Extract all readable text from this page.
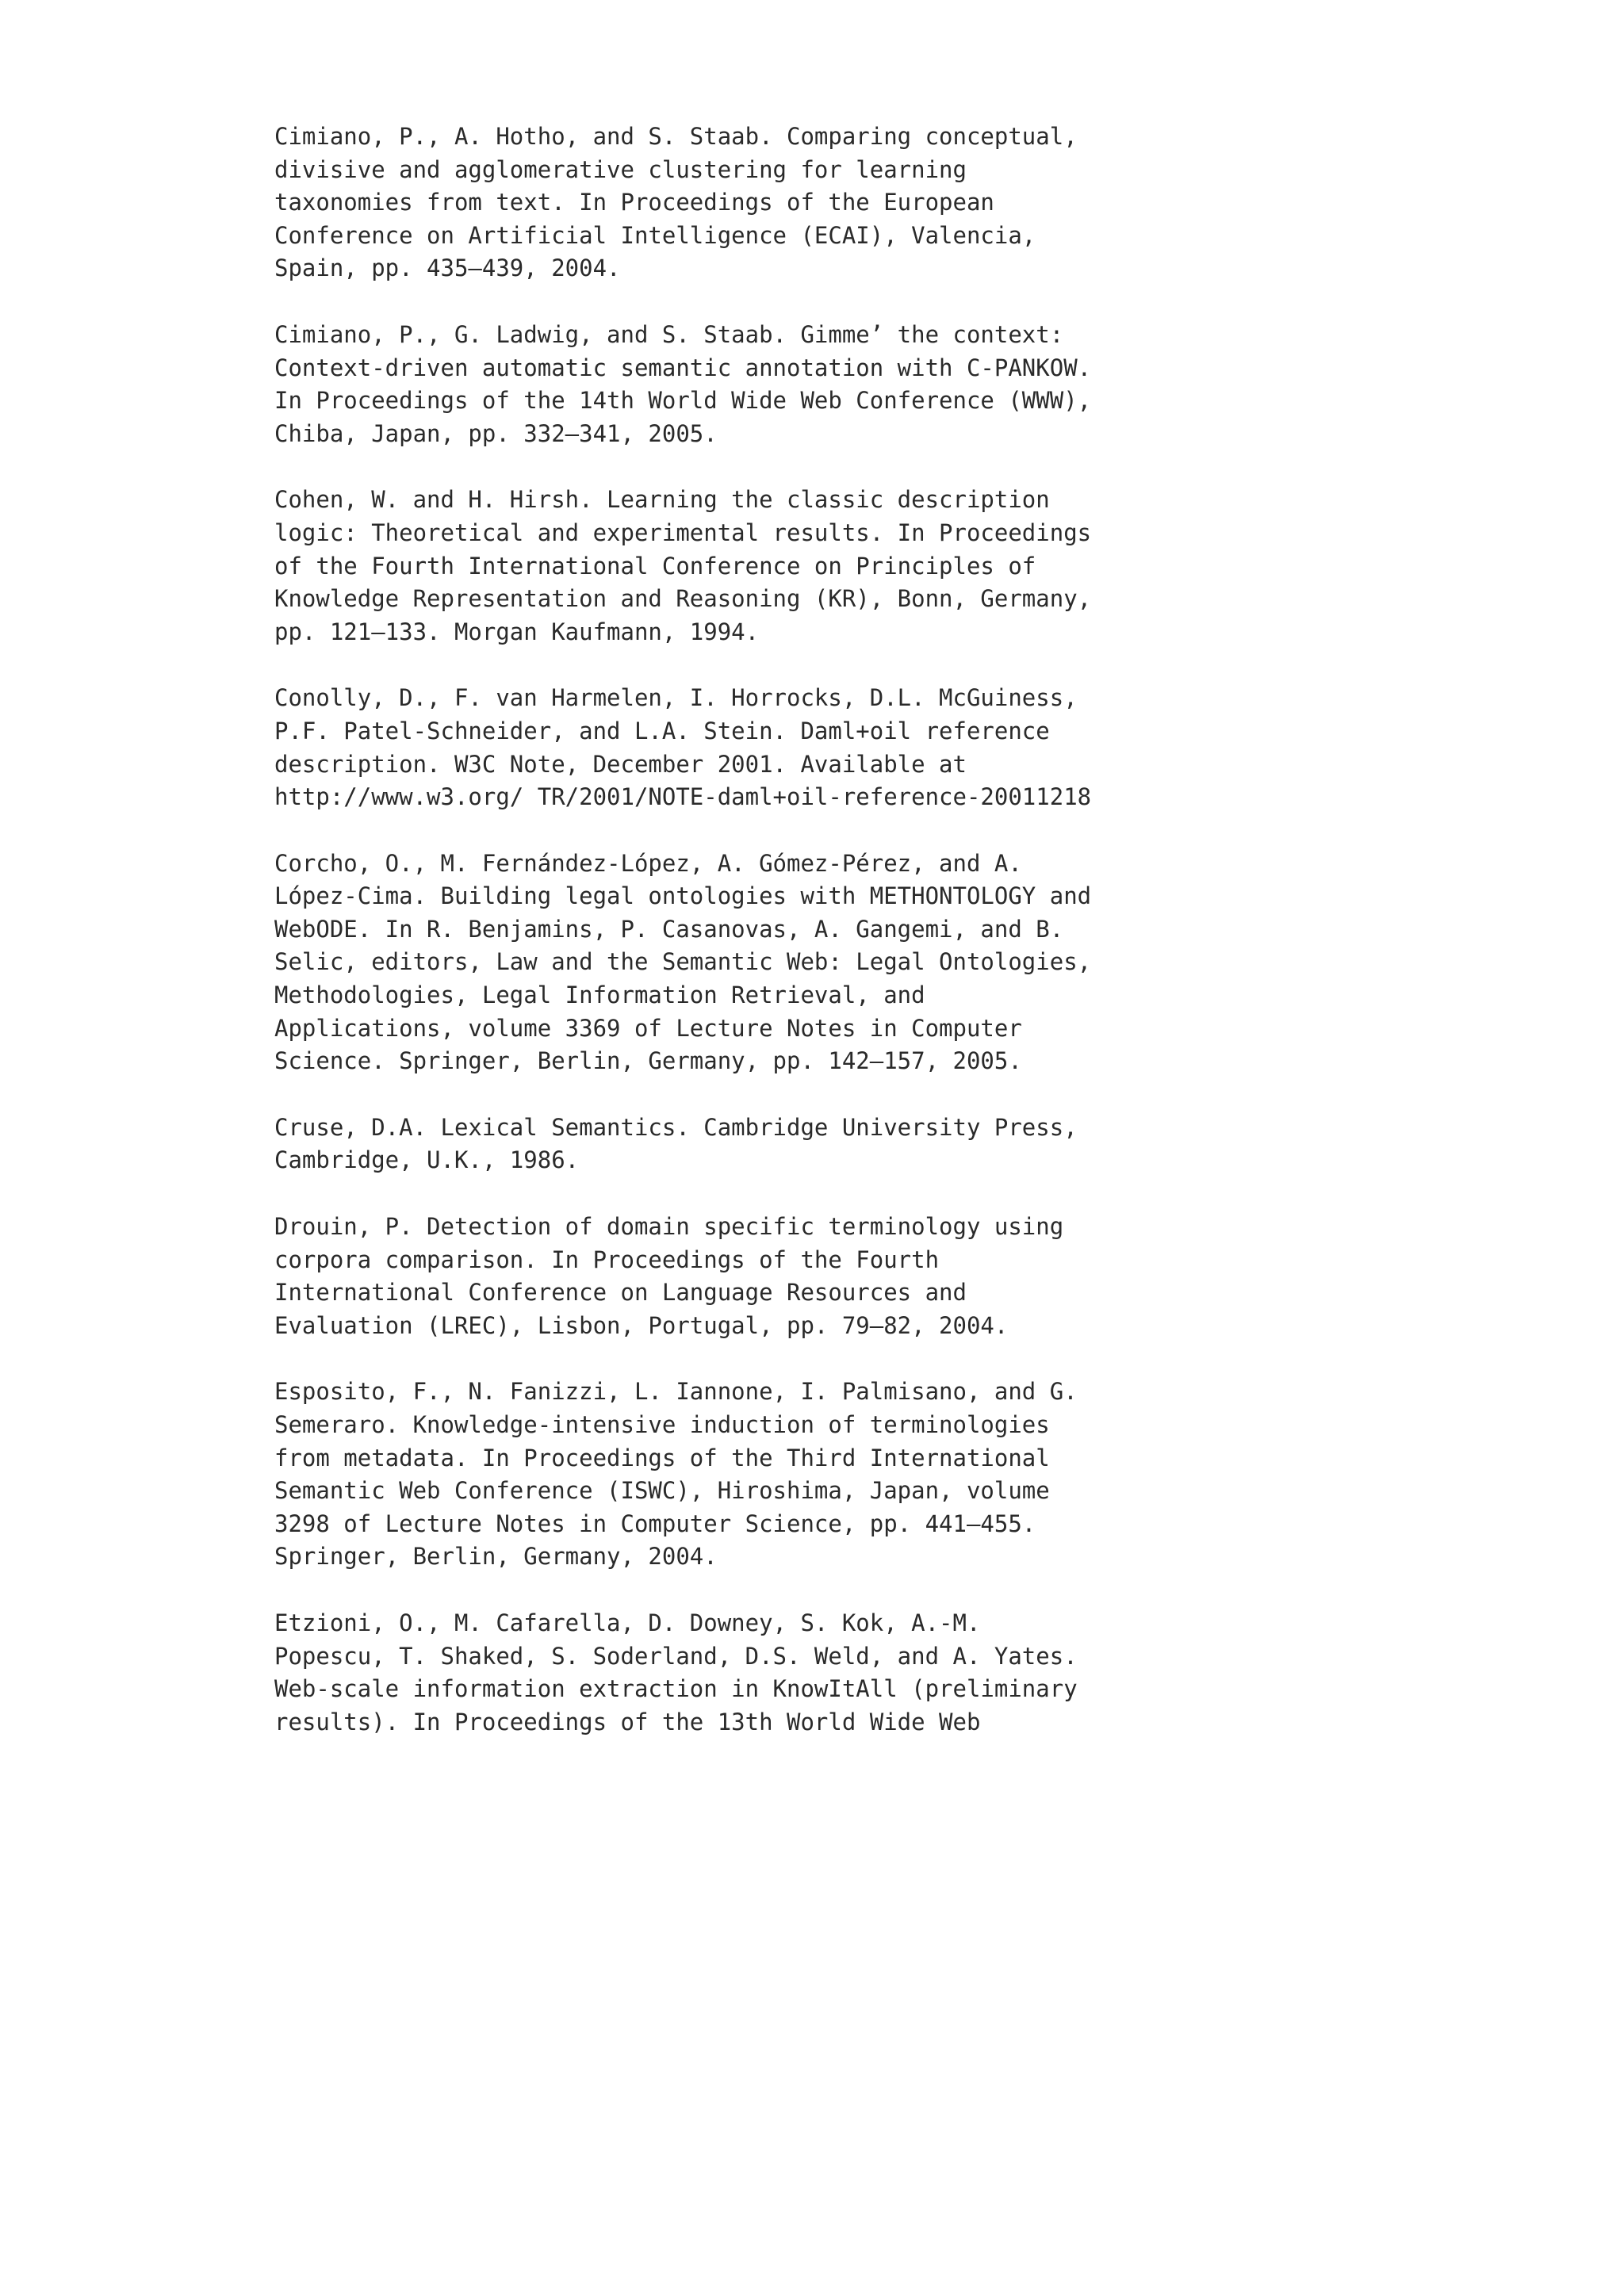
Cimiano, P., A. Hotho, and S. Staab. Comparing conceptual,
divisive and agglomerative clustering for learning
taxonomies from text. In Proceedings of the European
Conference on Artificial Intelligence (ECAI), Valencia,
Spain, pp. 435–439, 2004.
Cimiano, P., G. Ladwig, and S. Staab. Gimme’ the context:
Context-driven automatic semantic annotation with C-PANKOW.
In Proceedings of the 14th World Wide Web Conference (WWW),
Chiba, Japan, pp. 332–341, 2005.
Cohen, W. and H. Hirsh. Learning the classic description
logic: Theoretical and experimental results. In Proceedings
of the Fourth International Conference on Principles of
Knowledge Representation and Reasoning (KR), Bonn, Germany,
pp. 121–133. Morgan Kaufmann, 1994.
Conolly, D., F. van Harmelen, I. Horrocks, D.L. McGuiness,
P.F. Patel-Schneider, and L.A. Stein. Daml+oil reference
description. W3C Note, December 2001. Available at
http://www.w3.org/ TR/2001/NOTE-daml+oil-reference-20011218
Corcho, O., M. Fernández-López, A. Gómez-Pérez, and A.
López-Cima. Building legal ontologies with METHONTOLOGY and
WebODE. In R. Benjamins, P. Casanovas, A. Gangemi, and B.
Selic, editors, Law and the Semantic Web: Legal Ontologies,
Methodologies, Legal Information Retrieval, and
Applications, volume 3369 of Lecture Notes in Computer
Science. Springer, Berlin, Germany, pp. 142–157, 2005.
Cruse, D.A. Lexical Semantics. Cambridge University Press,
Cambridge, U.K., 1986.
Drouin, P. Detection of domain specific terminology using
corpora comparison. In Proceedings of the Fourth
International Conference on Language Resources and
Evaluation (LREC), Lisbon, Portugal, pp. 79–82, 2004.
Esposito, F., N. Fanizzi, L. Iannone, I. Palmisano, and G.
Semeraro. Knowledge-intensive induction of terminologies
from metadata. In Proceedings of the Third International
Semantic Web Conference (ISWC), Hiroshima, Japan, volume
3298 of Lecture Notes in Computer Science, pp. 441–455.
Springer, Berlin, Germany, 2004.
Etzioni, O., M. Cafarella, D. Downey, S. Kok, A.-M.
Popescu, T. Shaked, S. Soderland, D.S. Weld, and A. Yates.
Web-scale information extraction in KnowItAll (preliminary
results). In Proceedings of the 13th World Wide Web
